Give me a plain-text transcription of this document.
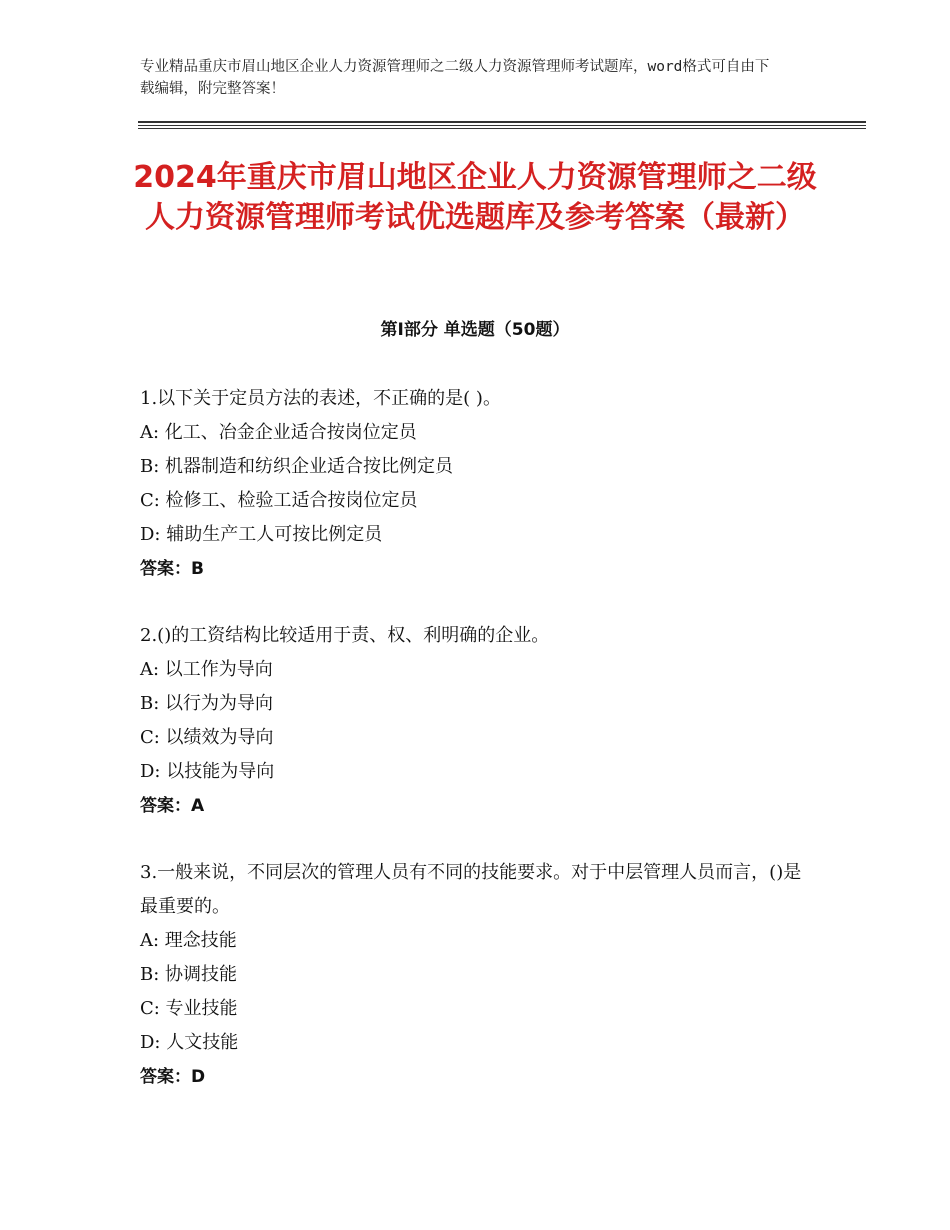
专业精品重庆市眉山地区企业人力资源管理师之二级人力资源管理师考试题库，word格式可自由下载编辑，附完整答案！
2024年重庆市眉山地区企业人力资源管理师之二级人力资源管理师考试优选题库及参考答案（最新）
第Ⅰ部分 单选题（50题）
1.以下关于定员方法的表述，不正确的是( )。
A: 化工、冶金企业适合按岗位定员
B: 机器制造和纺织企业适合按比例定员
C: 检修工、检验工适合按岗位定员
D: 辅助生产工人可按比例定员
答案：B
2.()的工资结构比较适用于责、权、利明确的企业。
A: 以工作为导向
B: 以行为为导向
C: 以绩效为导向
D: 以技能为导向
答案：A
3.一般来说，不同层次的管理人员有不同的技能要求。对于中层管理人员而言，()是最重要的。
A: 理念技能
B: 协调技能
C: 专业技能
D: 人文技能
答案：D
